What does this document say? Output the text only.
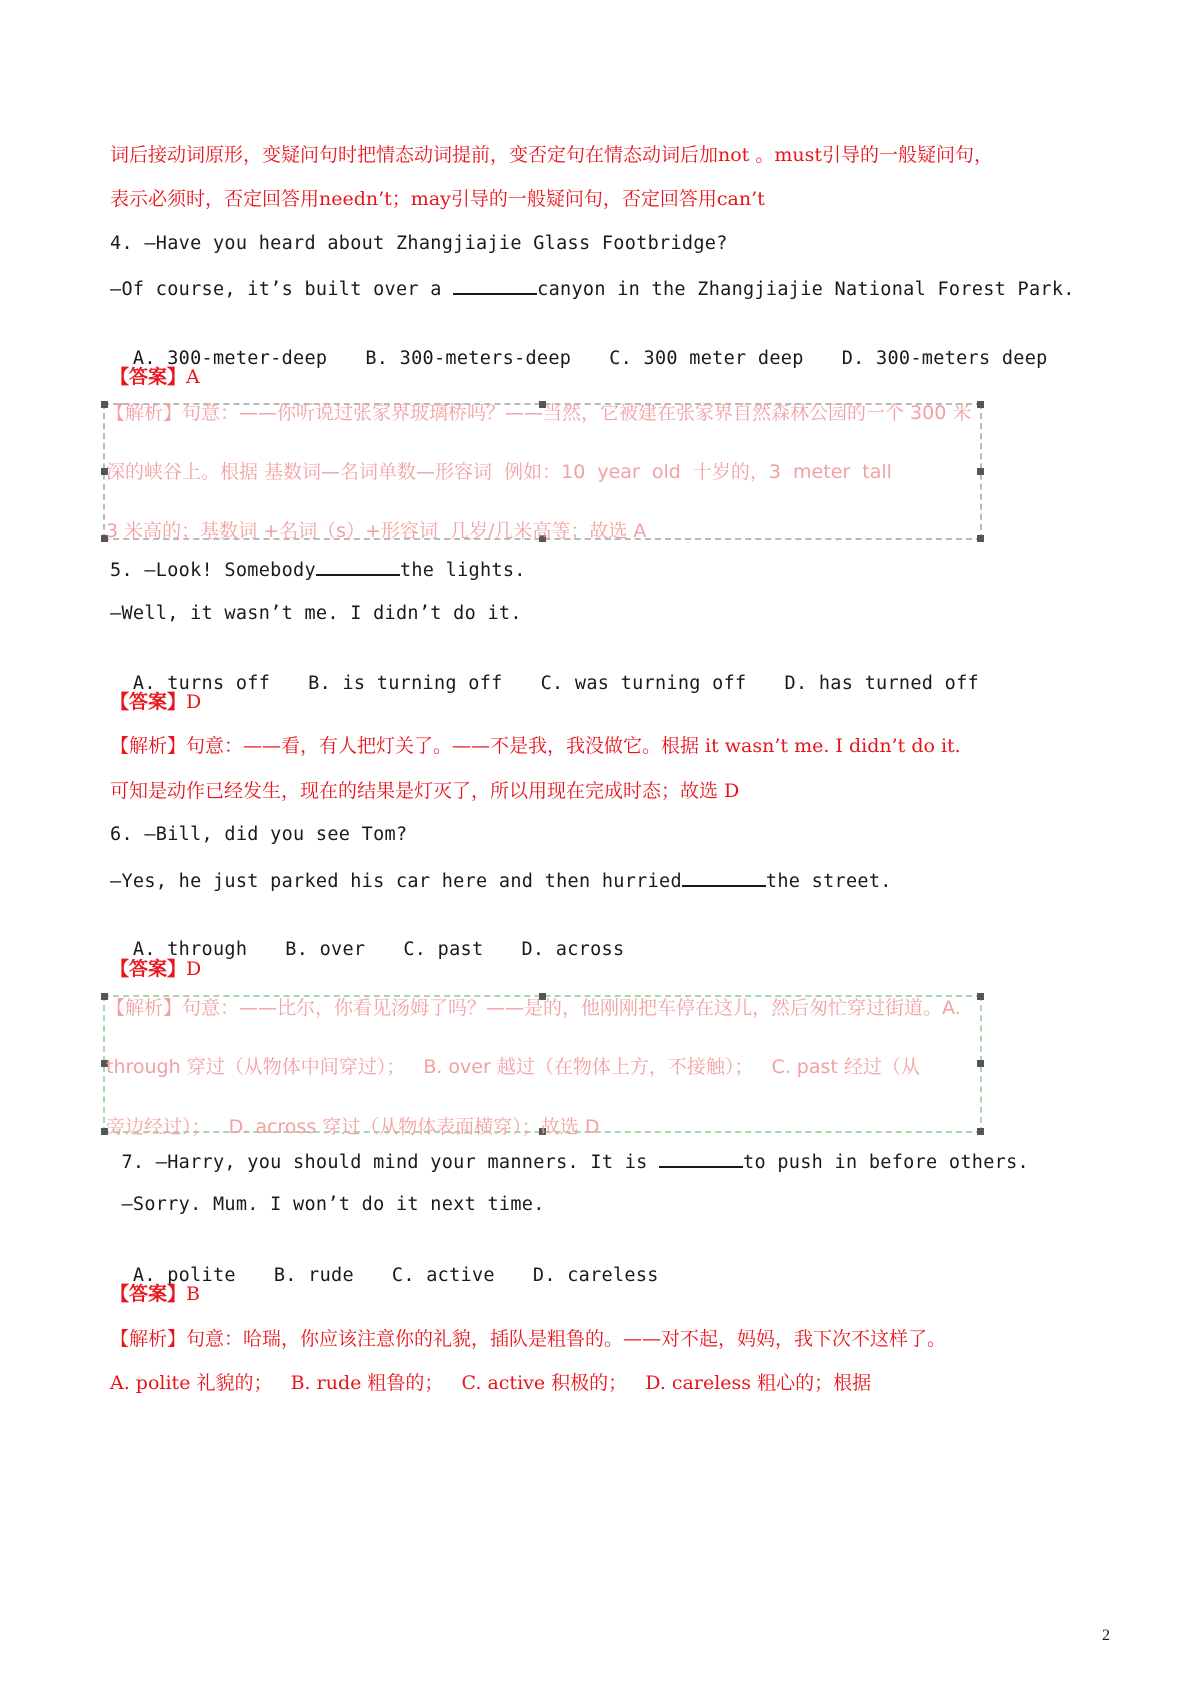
词后接动词原形，变疑问句时把情态动词提前，变否定句在情态动词后加not 。must引导的一般疑问句，
表示必须时，否定回答用needn’t；may引导的一般疑问句，否定回答用can’t
4. —Have you heard about Zhangjiajie Glass Footbridge?
—Of course, it’s built over a	canyon in the Zhangjiajie National Forest Park.

A. 300-meter-deep B. 300-meters-deep C. 300 meter deep D. 300-meters deep

【答案】A
【解析】句意：——你听说过张家界玻璃桥吗？——当然，它被建在张家界自然森林公园的一个 300 米
深的峡谷上。根据 基数词—名词单数—形容词  例如：10  year  old  十岁的，3  meter  tall
3 米高的；基数词 +名词（s）+形容词  几岁/几米高等；故选 A
5. —Look! Somebody	the lights.
—Well, it wasn’t me. I didn’t do it.

A. turns off B. is turning off C. was turning off D. has turned off

【答案】D
【解析】句意：——看，有人把灯关了。——不是我，我没做它。根据 it wasn’t me. I didn’t do it.
可知是动作已经发生，现在的结果是灯灭了，所以用现在完成时态；故选 D
6. —Bill, did you see Tom?
—Yes, he just parked his car here and then hurried	the street.

A. through B. over C. past D. across

【答案】D
【解析】句意：——比尔，你看见汤姆了吗？——是的，他刚刚把车停在这儿，然后匆忙穿过街道。A.
through 穿过（从物体中间穿过）；   B. over 越过（在物体上方，不接触）；   C. past 经过（从
旁边经过）；   D. across 穿过（从物体表面横穿）；故选 D
7. —Harry, you should mind your manners. It is	to push in before others.
—Sorry. Mum. I won’t do it next time.

A. polite B. rude C. active D. careless

【答案】B
【解析】句意：哈瑞，你应该注意你的礼貌，插队是粗鲁的。——对不起，妈妈，我下次不这样了。
A. polite 礼貌的；   B. rude 粗鲁的；   C. active 积极的；   D. careless 粗心的；根据
2
